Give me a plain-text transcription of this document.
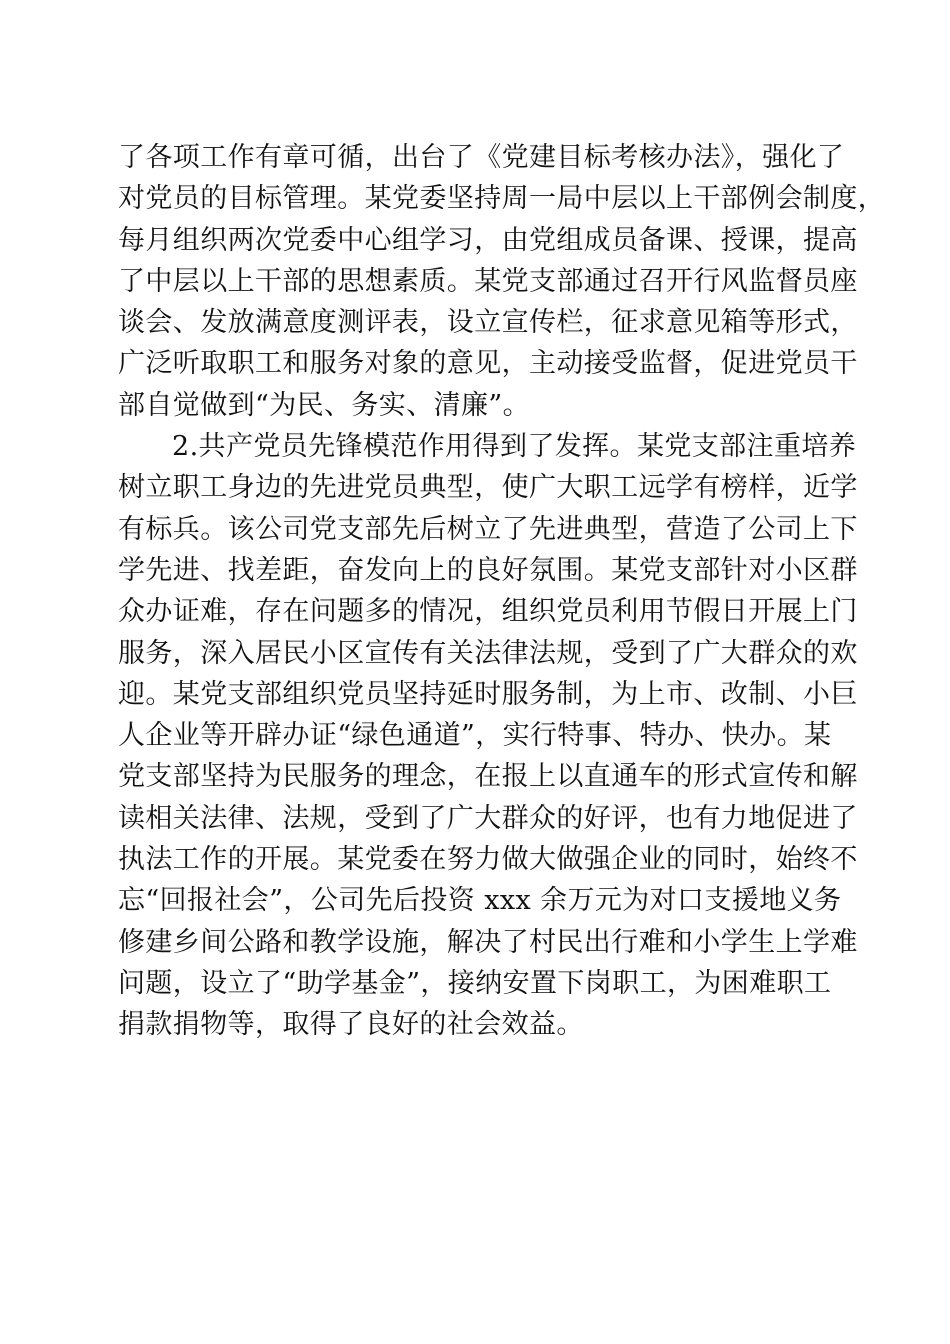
了各项工作有章可循，出台了《党建目标考核办法》，强化了
对党员的目标管理。某党委坚持周一局中层以上干部例会制度，
每月组织两次党委中心组学习，由党组成员备课、授课，提高
了中层以上干部的思想素质。某党支部通过召开行风监督员座
谈会、发放满意度测评表，设立宣传栏，征求意见箱等形式，
广泛听取职工和服务对象的意见，主动接受监督，促进党员干
部自觉做到“为民、务实、清廉”。
2.共产党员先锋模范作用得到了发挥。某党支部注重培养
树立职工身边的先进党员典型，使广大职工远学有榜样，近学
有标兵。该公司党支部先后树立了先进典型，营造了公司上下
学先进、找差距，奋发向上的良好氛围。某党支部针对小区群
众办证难，存在问题多的情况，组织党员利用节假日开展上门
服务，深入居民小区宣传有关法律法规，受到了广大群众的欢
迎。某党支部组织党员坚持延时服务制，为上市、改制、小巨
人企业等开辟办证“绿色通道”，实行特事、特办、快办。某
党支部坚持为民服务的理念，在报上以直通车的形式宣传和解
读相关法律、法规，受到了广大群众的好评，也有力地促进了
执法工作的开展。某党委在努力做大做强企业的同时，始终不
忘“回报社会”，公司先后投资 xxx 余万元为对口支援地义务
修建乡间公路和教学设施，解决了村民出行难和小学生上学难
问题，设立了“助学基金”，接纳安置下岗职工，为困难职工
捐款捐物等，取得了良好的社会效益。
